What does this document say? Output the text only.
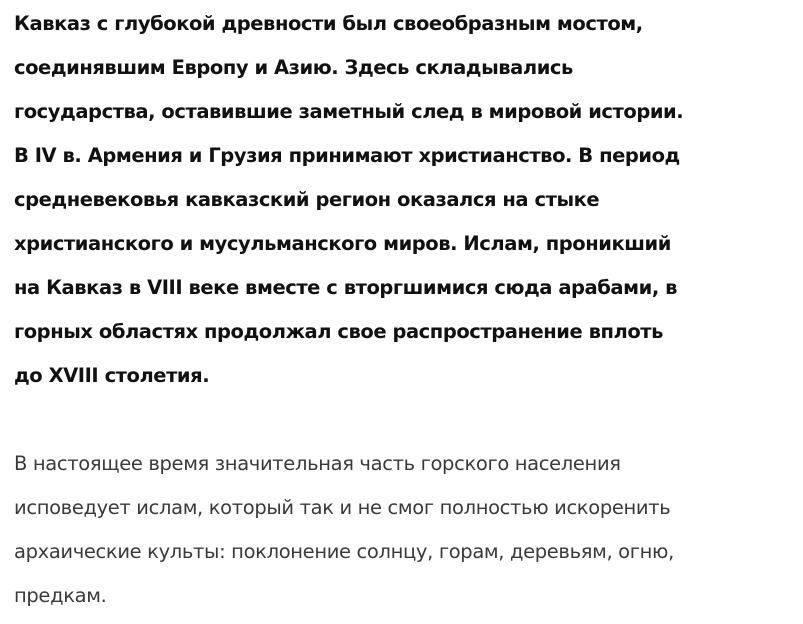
Кавказ с глубокой древности был своеобразным мостом,
соединявшим Европу и Азию. Здесь складывались
государства, оставившие заметный след в мировой истории.
В IV в. Армения и Грузия принимают христианство. В период
средневековья кавказский регион оказался на стыке
христианского и мусульманского миров. Ислам, проникший
на Кавказ в VIII веке вместе с вторгшимися сюда арабами, в
горных областях продолжал свое распространение вплоть
до XVIII столетия.

В настоящее время значительная часть горского населения
исповедует ислам, который так и не смог полностью искоренить
архаические культы: поклонение солнцу, горам, деревьям, огню,
предкам.
